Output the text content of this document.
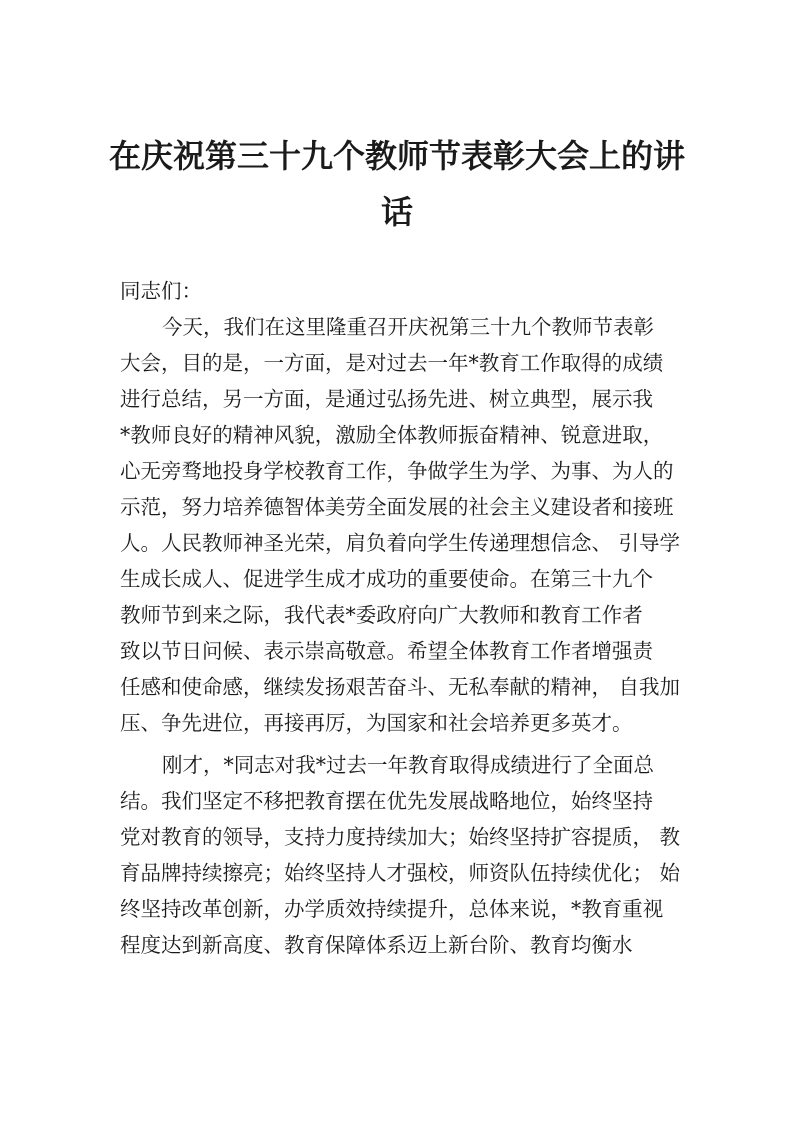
在庆祝第三十九个教师节表彰大会上的讲
话
同志们：
今天，我们在这里隆重召开庆祝第三十九个教师节表彰
大会，目的是，一方面，是对过去一年*教育工作取得的成绩
进行总结，另一方面，是通过弘扬先进、树立典型，展示我
*教师良好的精神风貌，激励全体教师振奋精神、锐意进取，
心无旁骛地投身学校教育工作，争做学生为学、为事、为人的
示范，努力培养德智体美劳全面发展的社会主义建设者和接班
人。人民教师神圣光荣，肩负着向学生传递理想信念、 引导学
生成长成人、促进学生成才成功的重要使命。在第三十九个
教师节到来之际，我代表*委政府向广大教师和教育工作者
致以节日问候、表示崇高敬意。希望全体教育工作者增强责
任感和使命感，继续发扬艰苦奋斗、无私奉献的精神， 自我加
压、争先进位，再接再厉，为国家和社会培养更多英才。
刚才，*同志对我*过去一年教育取得成绩进行了全面总
结。我们坚定不移把教育摆在优先发展战略地位，始终坚持
党对教育的领导，支持力度持续加大；始终坚持扩容提质， 教
育品牌持续擦亮；始终坚持人才强校，师资队伍持续优化； 始
终坚持改革创新，办学质效持续提升，总体来说，*教育重视
程度达到新高度、教育保障体系迈上新台阶、教育均衡水
